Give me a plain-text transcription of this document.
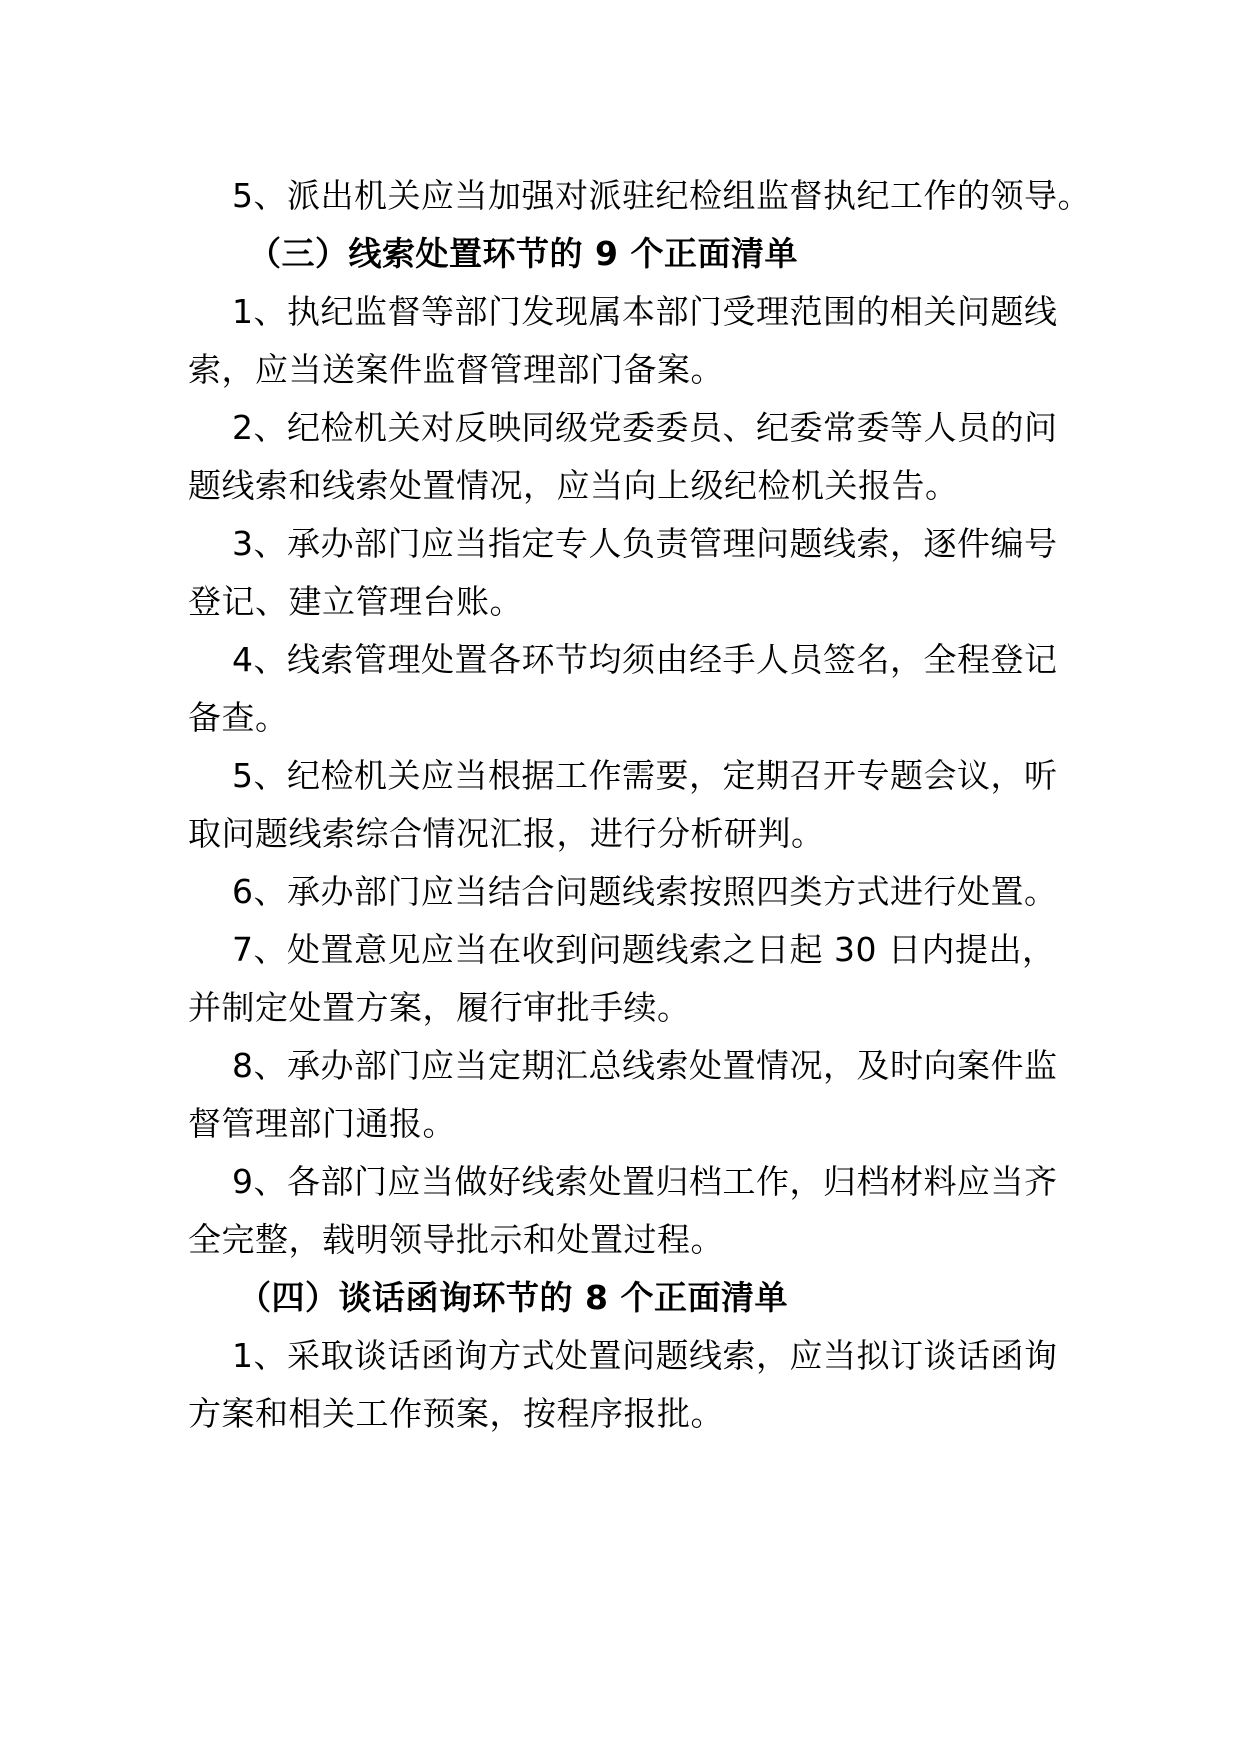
5、派出机关应当加强对派驻纪检组监督执纪工作的领导。
（三）线索处置环节的 9 个正面清单
1、执纪监督等部门发现属本部门受理范围的相关问题线
索，应当送案件监督管理部门备案。
2、纪检机关对反映同级党委委员、纪委常委等人员的问
题线索和线索处置情况，应当向上级纪检机关报告。
3、承办部门应当指定专人负责管理问题线索，逐件编号
登记、建立管理台账。
4、线索管理处置各环节均须由经手人员签名，全程登记
备查。
5、纪检机关应当根据工作需要，定期召开专题会议，听
取问题线索综合情况汇报，进行分析研判。
6、承办部门应当结合问题线索按照四类方式进行处置。
7、处置意见应当在收到问题线索之日起 30 日内提出，
并制定处置方案，履行审批手续。
8、承办部门应当定期汇总线索处置情况，及时向案件监
督管理部门通报。
9、各部门应当做好线索处置归档工作，归档材料应当齐
全完整，载明领导批示和处置过程。
（四）谈话函询环节的 8 个正面清单
1、采取谈话函询方式处置问题线索，应当拟订谈话函询
方案和相关工作预案，按程序报批。
